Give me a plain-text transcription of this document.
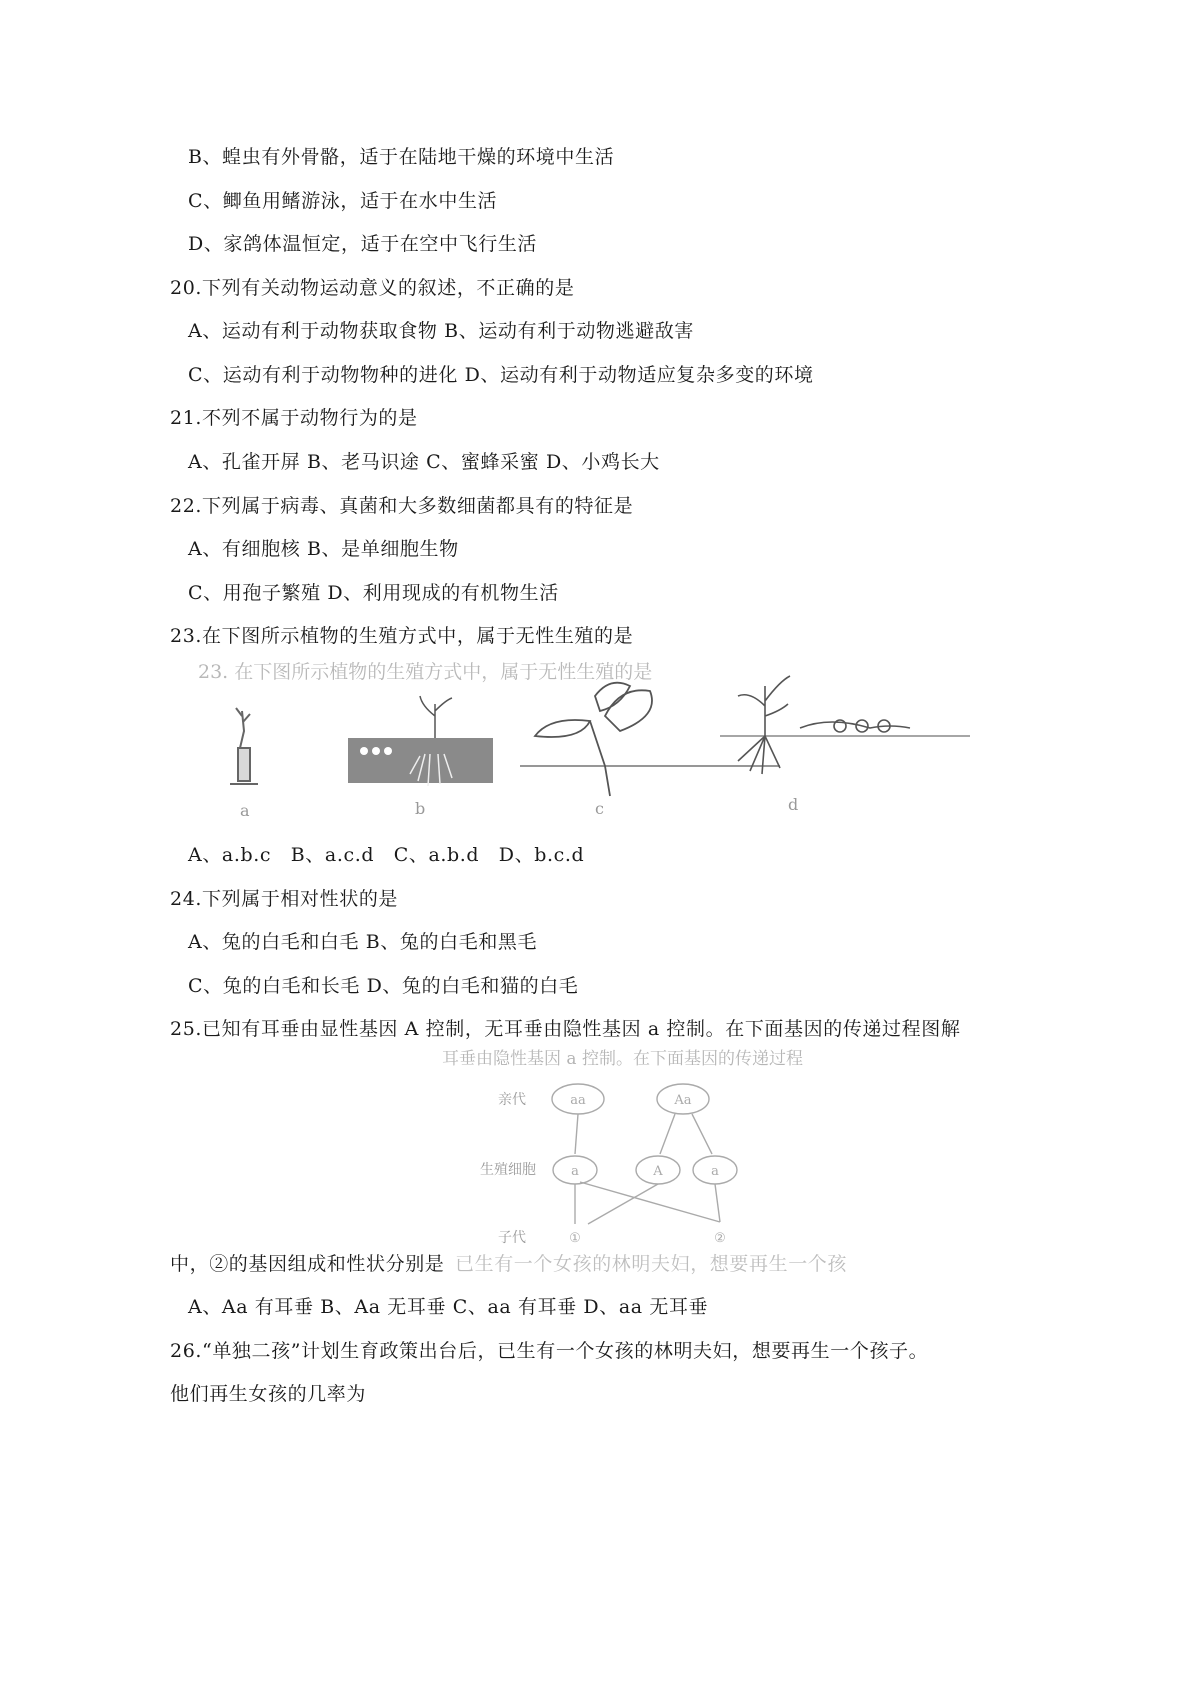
B、蝗虫有外骨骼，适于在陆地干燥的环境中生活
C、鲫鱼用鳍游泳，适于在水中生活
D、家鸽体温恒定，适于在空中飞行生活
20.下列有关动物运动意义的叙述，不正确的是
A、运动有利于动物获取食物 B、运动有利于动物逃避敌害
C、运动有利于动物物种的进化 D、运动有利于动物适应复杂多变的环境
21.不列不属于动物行为的是
A、孔雀开屏 B、老马识途 C、蜜蜂采蜜 D、小鸡长大
22.下列属于病毒、真菌和大多数细菌都具有的特征是
A、有细胞核 B、是单细胞生物
C、用孢子繁殖 D、利用现成的有机物生活
23.在下图所示植物的生殖方式中，属于无性生殖的是
23. 在下图所示植物的生殖方式中，属于无性生殖的是
a	b	c	d
A、a.b.c　B、a.c.d　C、a.b.d　D、b.c.d
24.下列属于相对性状的是
A、兔的白毛和白毛 B、兔的白毛和黑毛
C、兔的白毛和长毛 D、兔的白毛和猫的白毛
25.已知有耳垂由显性基因 A 控制，无耳垂由隐性基因 a 控制。在下面基因的传递过程图解
耳垂由隐性基因 a 控制。在下面基因的传递过程
亲代
生殖细胞
子代
aa	Aa
a	A	a
①	②
中，②的基因组成和性状分别是 已生有一个女孩的林明夫妇，想要再生一个孩
A、Aa 有耳垂 B、Aa 无耳垂 C、aa 有耳垂 D、aa 无耳垂
26.“单独二孩”计划生育政策出台后，已生有一个女孩的林明夫妇，想要再生一个孩子。
他们再生女孩的几率为
